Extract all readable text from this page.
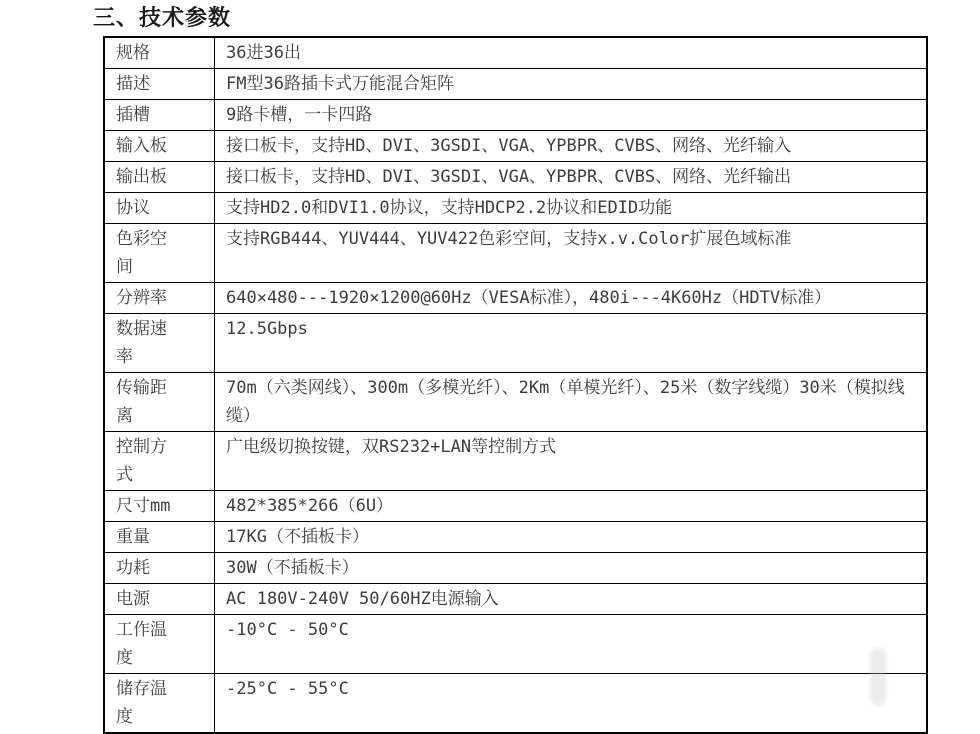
三、技术参数
规格	36进36出
描述	FM型36路插卡式万能混合矩阵
插槽	9路卡槽，一卡四路
输入板	接口板卡，支持HD、DVI、3GSDI、VGA、YPBPR、CVBS、网络、光纤输入
输出板	接口板卡，支持HD、DVI、3GSDI、VGA、YPBPR、CVBS、网络、光纤输出
协议	支持HD2.0和DVI1.0协议，支持HDCP2.2协议和EDID功能
色彩空间	支持RGB444、YUV444、YUV422色彩空间，支持x.v.Color扩展色域标准
分辨率	640×480---1920×1200@60Hz（VESA标准），480i---4K60Hz（HDTV标准）
数据速率	12.5Gbps
传输距离	70m（六类网线）、300m（多模光纤）、2Km（单模光纤）、25米（数字线缆）30米（模拟线缆）
控制方式	广电级切换按键，双RS232+LAN等控制方式
尺寸mm	482*385*266（6U）
重量	17KG（不插板卡）
功耗	30W（不插板卡）
电源	AC 180V-240V 50/60HZ电源输入
工作温度	-10°C - 50°C
储存温度	-25°C - 55°C
